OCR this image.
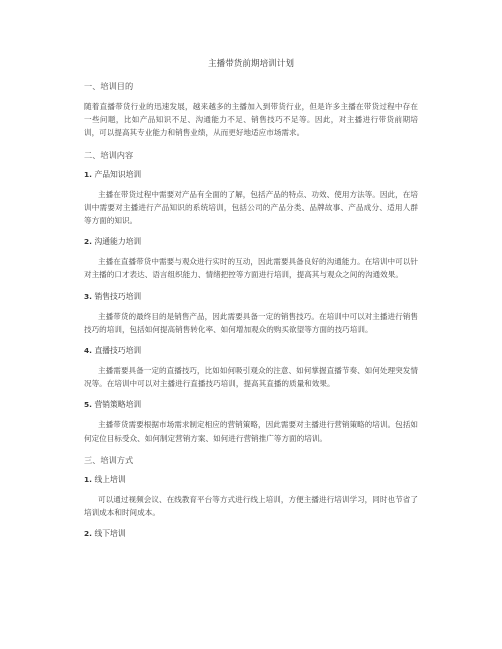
主播带货前期培训计划
一、培训目的

随着直播带货行业的迅速发展，越来越多的主播加入到带货行业，但是许多主播在带货过程中存在一些问题，比如产品知识不足、沟通能力不足、销售技巧不足等。因此，对主播进行带货前期培训，可以提高其专业能力和销售业绩，从而更好地适应市场需求。

二、培训内容
1. 产品知识培训

主播在带货过程中需要对产品有全面的了解，包括产品的特点、功效、使用方法等。因此，在培训中需要对主播进行产品知识的系统培训，包括公司的产品分类、品牌故事、产品成分、适用人群等方面的知识。

2. 沟通能力培训

主播在直播带货中需要与观众进行实时的互动，因此需要具备良好的沟通能力。在培训中可以针对主播的口才表达、语言组织能力、情绪把控等方面进行培训，提高其与观众之间的沟通效果。

3. 销售技巧培训

主播带货的最终目的是销售产品，因此需要具备一定的销售技巧。在培训中可以对主播进行销售技巧的培训，包括如何提高销售转化率、如何增加观众的购买欲望等方面的技巧培训。

4. 直播技巧培训

主播需要具备一定的直播技巧，比如如何吸引观众的注意、如何掌握直播节奏、如何处理突发情况等。在培训中可以对主播进行直播技巧培训，提高其直播的质量和效果。

5. 营销策略培训

主播带货需要根据市场需求制定相应的营销策略，因此需要对主播进行营销策略的培训。包括如何定位目标受众、如何制定营销方案、如何进行营销推广等方面的培训。

三、培训方式
1. 线上培训

可以通过视频会议、在线教育平台等方式进行线上培训，方便主播进行培训学习，同时也节省了培训成本和时间成本。

2. 线下培训
